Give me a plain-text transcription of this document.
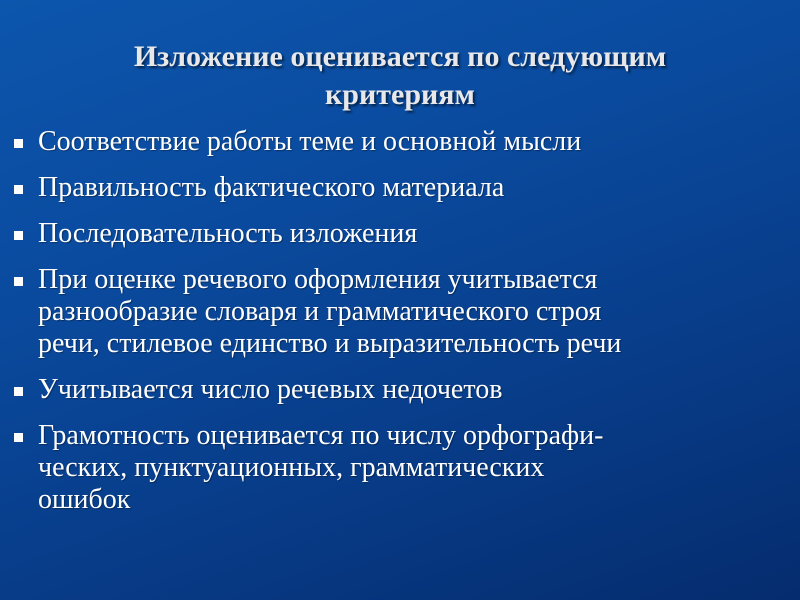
Изложение оценивается по следующим
критериям
Соответствие работы теме и основной мысли
Правильность фактического материала
Последовательность изложения
При оценке речевого оформления учитывается
разнообразие словаря и грамматического строя
речи, стилевое единство и выразительность речи
Учитывается число речевых недочетов
Грамотность оценивается по числу орфографи-
ческих, пунктуационных, грамматических
ошибок
